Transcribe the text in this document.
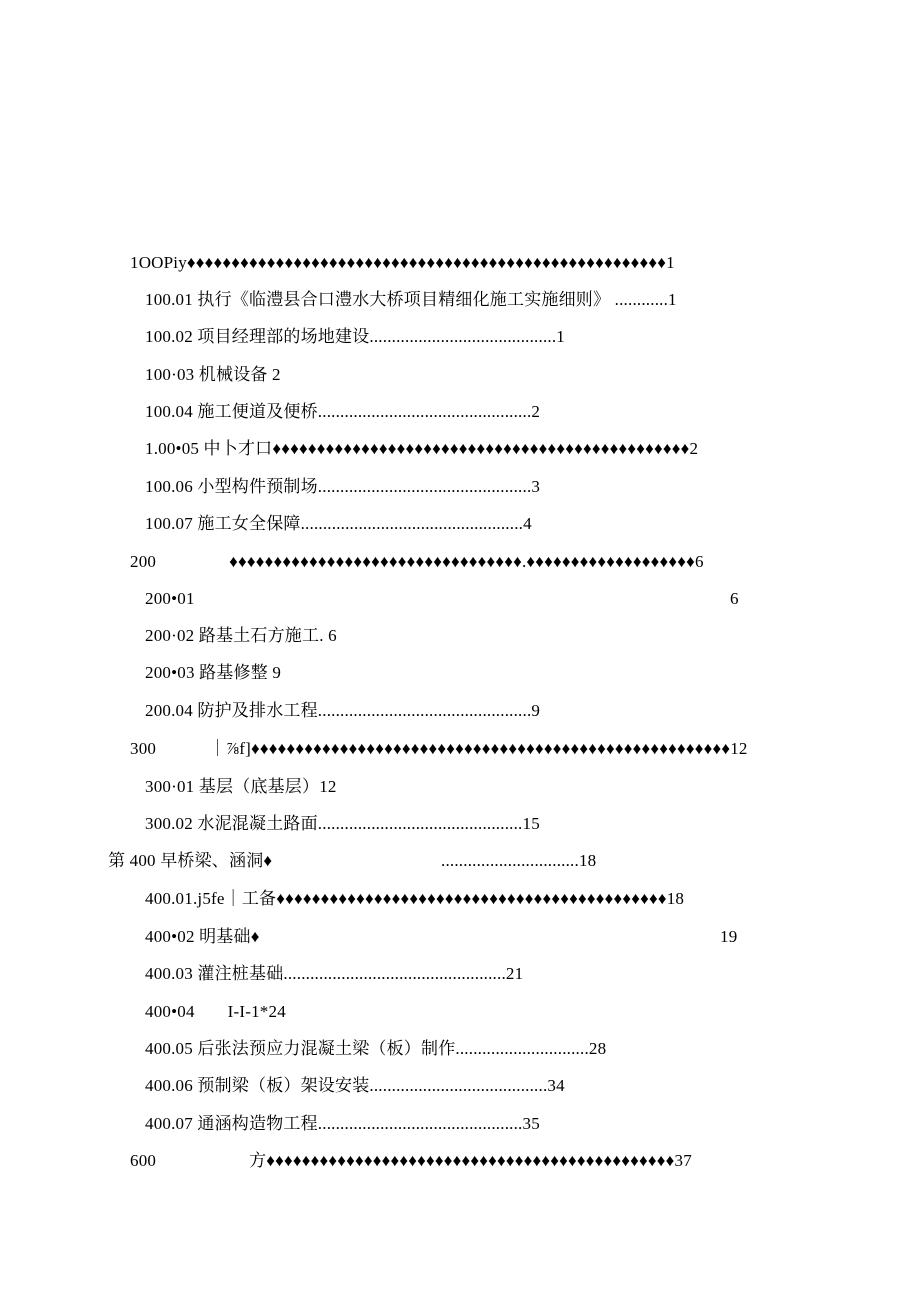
1OOPiy♦♦♦♦♦♦♦♦♦♦♦♦♦♦♦♦♦♦♦♦♦♦♦♦♦♦♦♦♦♦♦♦♦♦♦♦♦♦♦♦♦♦♦♦♦♦♦♦♦♦♦♦♦♦1
100.01 执行《临澧县合口澧水大桥项目精细化施工实施细则》 ............1
100.02 项目经理部的场地建设..........................................1
100·03 机械设备 2
100.04 施工便道及便桥................................................2
1.00•05 中卜才口♦♦♦♦♦♦♦♦♦♦♦♦♦♦♦♦♦♦♦♦♦♦♦♦♦♦♦♦♦♦♦♦♦♦♦♦♦♦♦♦♦♦♦♦♦♦♦2
100.06 小型构件预制场................................................3
100.07 施工女全保障..................................................4
200	♦♦♦♦♦♦♦♦♦♦♦♦♦♦♦♦♦♦♦♦♦♦♦♦♦♦♦♦♦♦♦♦♦.♦♦♦♦♦♦♦♦♦♦♦♦♦♦♦♦♦♦♦6
200•01	6
200·02 路基土石方施工. 6
200•03 路基修整 9
200.04 防护及排水工程................................................9
300	｜⅞f]♦♦♦♦♦♦♦♦♦♦♦♦♦♦♦♦♦♦♦♦♦♦♦♦♦♦♦♦♦♦♦♦♦♦♦♦♦♦♦♦♦♦♦♦♦♦♦♦♦♦♦♦♦♦12
300·01 基层（底基层）12
300.02 水泥混凝土路面..............................................15
第 400 早桥梁、涵洞♦	...............................18
400.01.j5fe｜工备♦♦♦♦♦♦♦♦♦♦♦♦♦♦♦♦♦♦♦♦♦♦♦♦♦♦♦♦♦♦♦♦♦♦♦♦♦♦♦♦♦♦♦♦18
400•02 明基础♦	19
400.03 灌注桩基础..................................................21
400•04 I-I-1*24
400.05 后张法预应力混凝土梁（板）制作..............................28
400.06 预制梁（板）架设安装........................................34
400.07 通涵构造物工程..............................................35
600	方♦♦♦♦♦♦♦♦♦♦♦♦♦♦♦♦♦♦♦♦♦♦♦♦♦♦♦♦♦♦♦♦♦♦♦♦♦♦♦♦♦♦♦♦♦♦37
